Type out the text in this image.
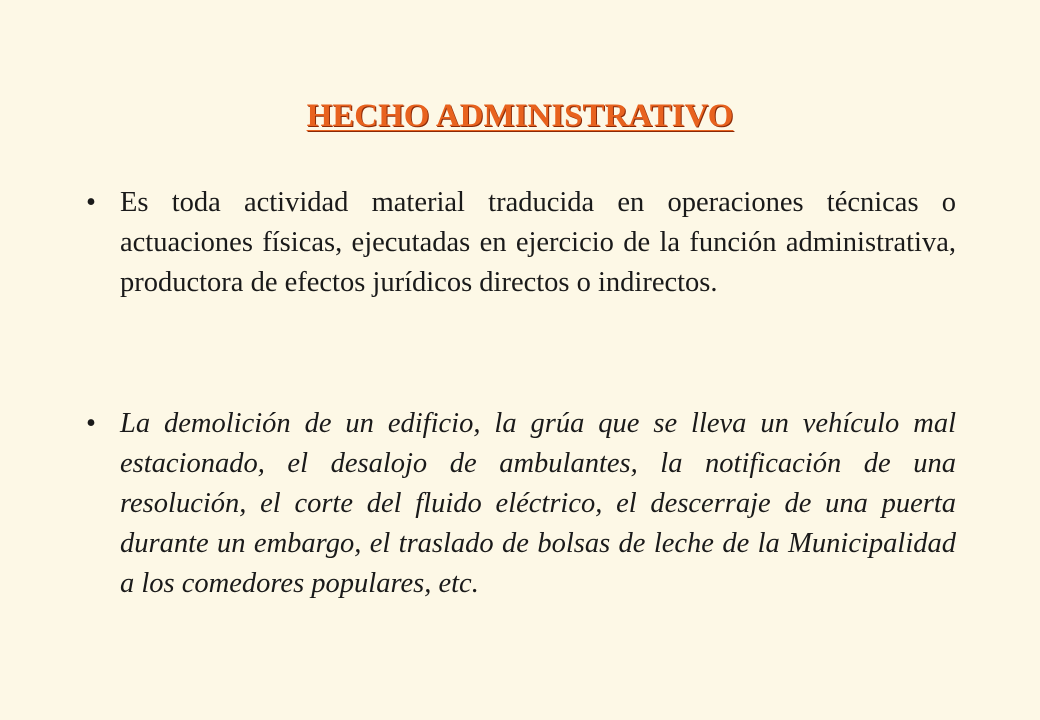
HECHO ADMINISTRATIVO
• Es toda actividad material traducida en operaciones técnicas o actuaciones físicas, ejecutadas en ejercicio de la función administrativa, productora de efectos jurídicos directos o indirectos.
• La demolición de un edificio, la grúa que se lleva un vehículo mal estacionado, el desalojo de ambulantes, la notificación de una resolución, el corte del fluido eléctrico, el descerraje de una puerta durante un embargo, el traslado de bolsas de leche de la Municipalidad a los comedores populares, etc.
